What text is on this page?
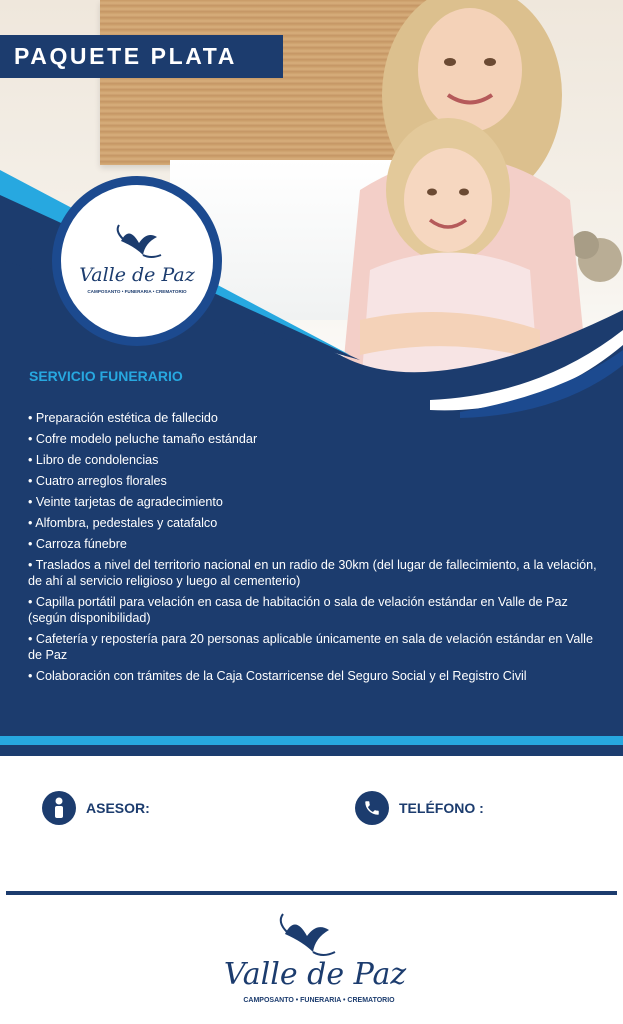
PAQUETE PLATA
Valle de Paz
CAMPOSANTO • FUNERARIA • CREMATORIO
SERVICIO FUNERARIO
• Preparación estética de fallecido
• Cofre modelo peluche tamaño estándar
• Libro de condolencias
• Cuatro arreglos florales
• Veinte tarjetas de agradecimiento
• Alfombra, pedestales y catafalco
• Carroza fúnebre
• Traslados a nivel del territorio nacional en un radio de 30km (del lugar de fallecimiento, a la velación, de ahí al servicio religioso y luego al cementerio)
• Capilla portátil para velación en casa de habitación o sala de velación estándar en Valle de Paz (según disponibilidad)
• Cafetería y repostería para 20 personas aplicable únicamente en sala de velación estándar en Valle de Paz
• Colaboración con trámites de la Caja Costarricense del Seguro Social y el Registro Civil
ASESOR:	TELÉFONO :
Valle de Paz
CAMPOSANTO • FUNERARIA • CREMATORIO
